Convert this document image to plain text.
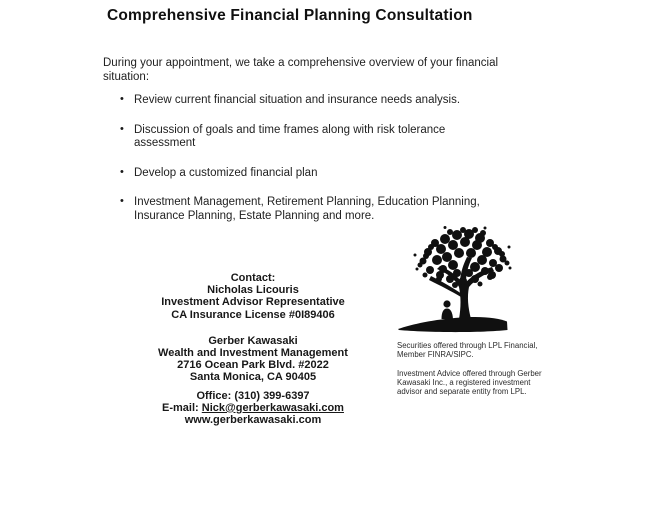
Comprehensive Financial Planning Consultation
During your appointment, we take a comprehensive overview of your financial
situation:
• Review current financial situation and insurance needs analysis.
• Discussion of goals and time frames along with risk tolerance
assessment
• Develop a customized financial plan
• Investment Management, Retirement Planning, Education Planning,
Insurance Planning, Estate Planning and more.
Contact:
Nicholas Licouris
Investment Advisor Representative
CA Insurance License #0I89406
Gerber Kawasaki
Wealth and Investment Management
2716 Ocean Park Blvd. #2022
Santa Monica, CA 90405
Office: (310) 399-6397
E-mail: Nick@gerberkawasaki.com
www.gerberkawasaki.com
Securities offered through LPL Financial,
Member FINRA/SIPC.
Investment Advice offered through Gerber
Kawasaki Inc., a registered investment
advisor and separate entity from LPL.
